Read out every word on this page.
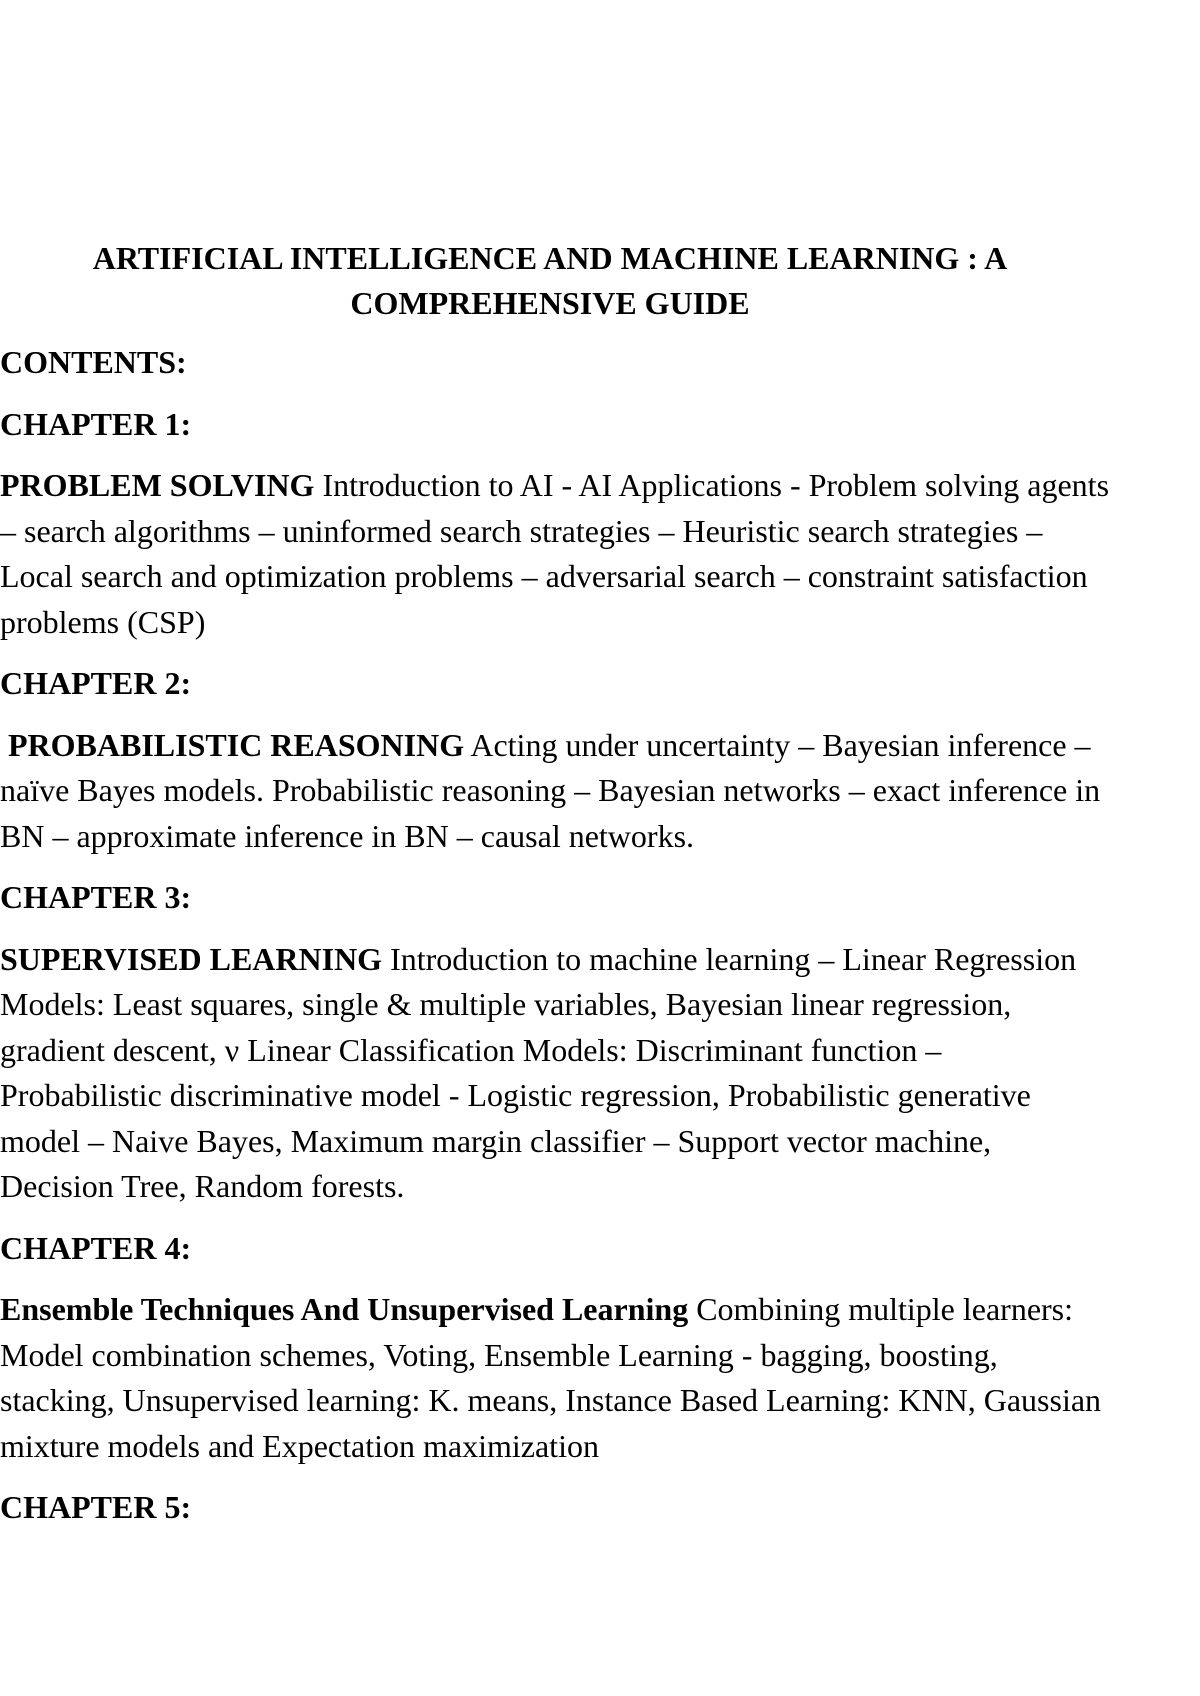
ARTIFICIAL INTELLIGENCE AND MACHINE LEARNING : A COMPREHENSIVE GUIDE

CONTENTS:

CHAPTER 1:

PROBLEM SOLVING Introduction to AI - AI Applications - Problem solving agents – search algorithms – uninformed search strategies – Heuristic search strategies – Local search and optimization problems – adversarial search – constraint satisfaction problems (CSP)

CHAPTER 2:

PROBABILISTIC REASONING Acting under uncertainty – Bayesian inference – naïve Bayes models. Probabilistic reasoning – Bayesian networks – exact inference in BN – approximate inference in BN – causal networks.

CHAPTER 3:

SUPERVISED LEARNING Introduction to machine learning – Linear Regression Models: Least squares, single & multiple variables, Bayesian linear regression, gradient descent, ν Linear Classification Models: Discriminant function – Probabilistic discriminative model - Logistic regression, Probabilistic generative model – Naive Bayes, Maximum margin classifier – Support vector machine, Decision Tree, Random forests.

CHAPTER 4:

Ensemble Techniques And Unsupervised Learning Combining multiple learners: Model combination schemes, Voting, Ensemble Learning - bagging, boosting, stacking, Unsupervised learning: K. means, Instance Based Learning: KNN, Gaussian mixture models and Expectation maximization

CHAPTER 5:
